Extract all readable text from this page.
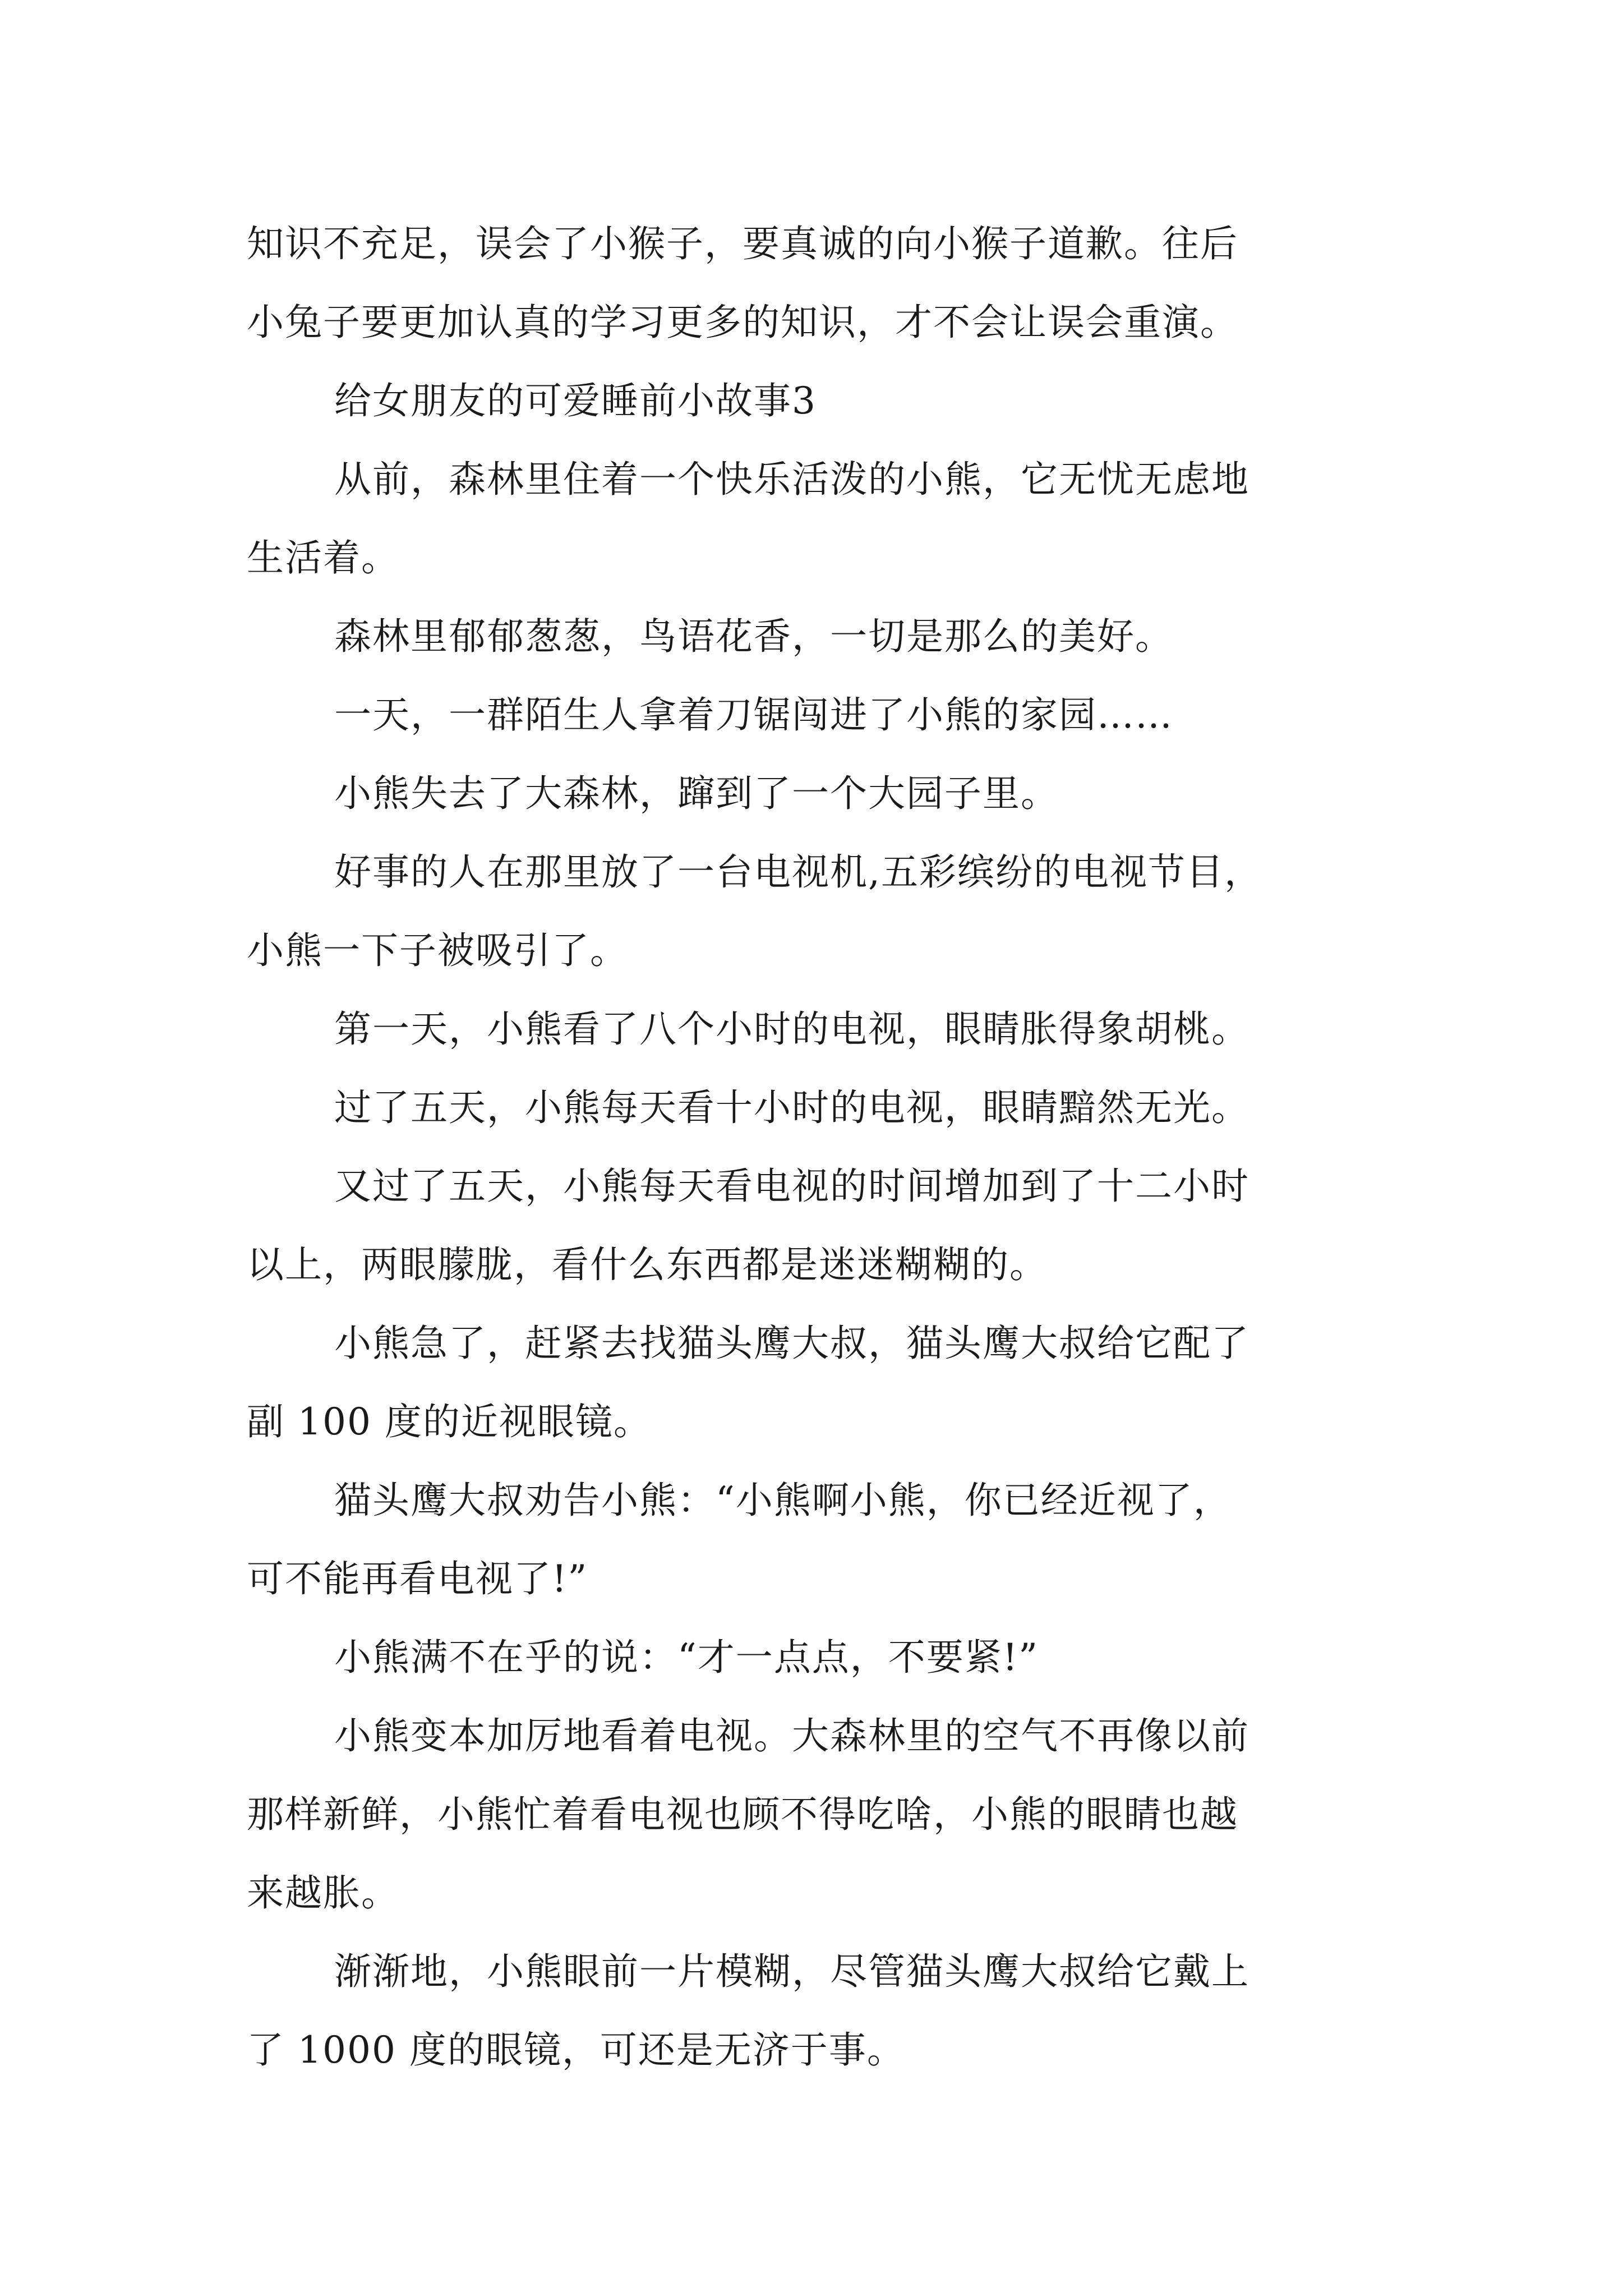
知识不充足，误会了小猴子，要真诚的向小猴子道歉。往后
小兔子要更加认真的学习更多的知识，才不会让误会重演。
给女朋友的可爱睡前小故事3
从前，森林里住着一个快乐活泼的小熊，它无忧无虑地
生活着。
森林里郁郁葱葱，鸟语花香，一切是那么的美好。
一天，一群陌生人拿着刀锯闯进了小熊的家园……
小熊失去了大森林，蹿到了一个大园子里。
好事的人在那里放了一台电视机,五彩缤纷的电视节目，
小熊一下子被吸引了。
第一天，小熊看了八个小时的电视，眼睛胀得象胡桃。
过了五天，小熊每天看十小时的电视，眼睛黯然无光。
又过了五天，小熊每天看电视的时间增加到了十二小时
以上，两眼朦胧，看什么东西都是迷迷糊糊的。
小熊急了，赶紧去找猫头鹰大叔，猫头鹰大叔给它配了
副 100 度的近视眼镜。
猫头鹰大叔劝告小熊：“小熊啊小熊，你已经近视了，
可不能再看电视了!”
小熊满不在乎的说：“才一点点，不要紧!”
小熊变本加厉地看着电视。大森林里的空气不再像以前
那样新鲜，小熊忙着看电视也顾不得吃啥，小熊的眼睛也越
来越胀。
渐渐地，小熊眼前一片模糊，尽管猫头鹰大叔给它戴上
了 1000 度的眼镜，可还是无济于事。
